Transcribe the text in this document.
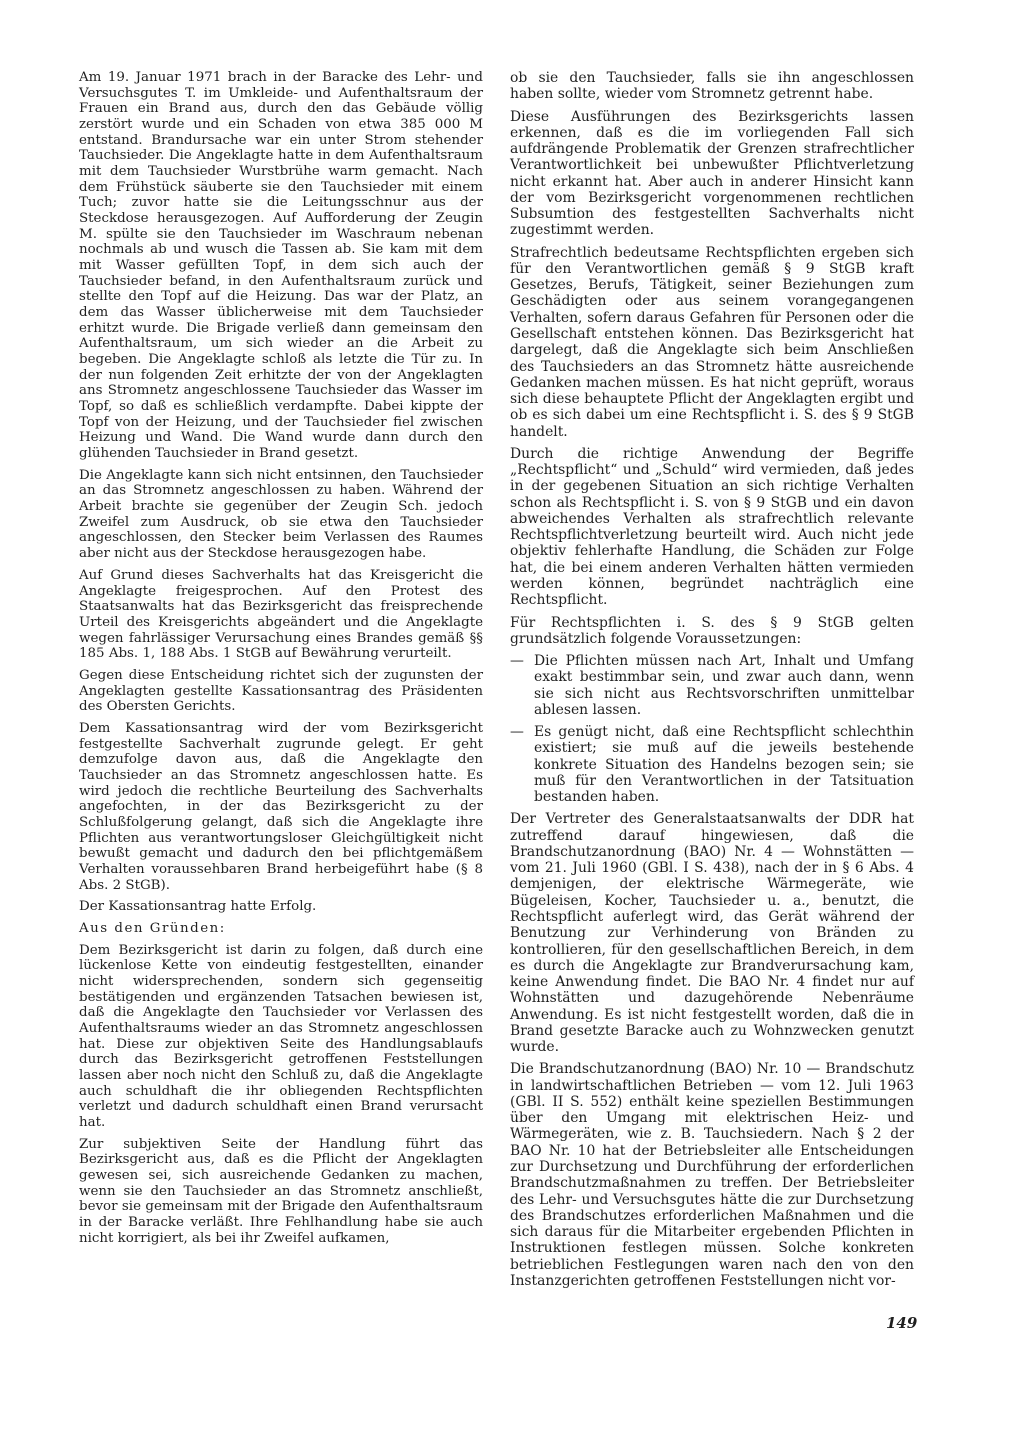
Am 19. Januar 1971 brach in der Baracke des Lehr- und Versuchsgutes T. im Umkleide- und Aufenthaltsraum der Frauen ein Brand aus, durch den das Gebäude völlig zerstört wurde und ein Schaden von etwa 385 000 M entstand. Brandursache war ein unter Strom stehender Tauchsieder. Die Angeklagte hatte in dem Aufenthaltsraum mit dem Tauchsieder Wurstbrühe warm gemacht. Nach dem Frühstück säuberte sie den Tauchsieder mit einem Tuch; zuvor hatte sie die Leitungsschnur aus der Steckdose herausgezogen. Auf Aufforderung der Zeugin M. spülte sie den Tauchsieder im Waschraum nebenan nochmals ab und wusch die Tassen ab. Sie kam mit dem mit Wasser gefüllten Topf, in dem sich auch der Tauchsieder befand, in den Aufenthaltsraum zurück und stellte den Topf auf die Heizung. Das war der Platz, an dem das Wasser üblicherweise mit dem Tauchsieder erhitzt wurde. Die Brigade verließ dann gemeinsam den Aufenthaltsraum, um sich wieder an die Arbeit zu begeben. Die Angeklagte schloß als letzte die Tür zu. In der nun folgenden Zeit erhitzte der von der Angeklagten ans Stromnetz angeschlossene Tauchsieder das Wasser im Topf, so daß es schließlich verdampfte. Dabei kippte der Topf von der Heizung, und der Tauchsieder fiel zwischen Heizung und Wand. Die Wand wurde dann durch den glühenden Tauchsieder in Brand gesetzt.

Die Angeklagte kann sich nicht entsinnen, den Tauchsieder an das Stromnetz angeschlossen zu haben. Während der Arbeit brachte sie gegenüber der Zeugin Sch. jedoch Zweifel zum Ausdruck, ob sie etwa den Tauchsieder angeschlossen, den Stecker beim Verlassen des Raumes aber nicht aus der Steckdose herausgezogen habe.

Auf Grund dieses Sachverhalts hat das Kreisgericht die Angeklagte freigesprochen. Auf den Protest des Staatsanwalts hat das Bezirksgericht das freisprechende Urteil des Kreisgerichts abgeändert und die Angeklagte wegen fahrlässiger Verursachung eines Brandes gemäß §§ 185 Abs. 1, 188 Abs. 1 StGB auf Bewährung verurteilt.

Gegen diese Entscheidung richtet sich der zugunsten der Angeklagten gestellte Kassationsantrag des Präsidenten des Obersten Gerichts.

Dem Kassationsantrag wird der vom Bezirksgericht festgestellte Sachverhalt zugrunde gelegt. Er geht demzufolge davon aus, daß die Angeklagte den Tauchsieder an das Stromnetz angeschlossen hatte. Es wird jedoch die rechtliche Beurteilung des Sachverhalts angefochten, in der das Bezirksgericht zu der Schlußfolgerung gelangt, daß sich die Angeklagte ihre Pflichten aus verantwortungsloser Gleichgültigkeit nicht bewußt gemacht und dadurch den bei pflichtgemäßem Verhalten voraussehbaren Brand herbeigeführt habe (§ 8 Abs. 2 StGB).

Der Kassationsantrag hatte Erfolg.

Aus den Gründen:

Dem Bezirksgericht ist darin zu folgen, daß durch eine lückenlose Kette von eindeutig festgestellten, einander nicht widersprechenden, sondern sich gegenseitig bestätigenden und ergänzenden Tatsachen bewiesen ist, daß die Angeklagte den Tauchsieder vor Verlassen des Aufenthaltsraums wieder an das Stromnetz angeschlossen hat. Diese zur objektiven Seite des Handlungsablaufs durch das Bezirksgericht getroffenen Feststellungen lassen aber noch nicht den Schluß zu, daß die Angeklagte auch schuldhaft die ihr obliegenden Rechtspflichten verletzt und dadurch schuldhaft einen Brand verursacht hat.

Zur subjektiven Seite der Handlung führt das Bezirksgericht aus, daß es die Pflicht der Angeklagten gewesen sei, sich ausreichende Gedanken zu machen, wenn sie den Tauchsieder an das Stromnetz anschließt, bevor sie gemeinsam mit der Brigade den Aufenthaltsraum in der Baracke verläßt. Ihre Fehlhandlung habe sie auch nicht korrigiert, als bei ihr Zweifel aufkamen,

ob sie den Tauchsieder, falls sie ihn angeschlossen haben sollte, wieder vom Stromnetz getrennt habe.

Diese Ausführungen des Bezirksgerichts lassen erkennen, daß es die im vorliegenden Fall sich aufdrängende Problematik der Grenzen strafrechtlicher Verantwortlichkeit bei unbewußter Pflichtverletzung nicht erkannt hat. Aber auch in anderer Hinsicht kann der vom Bezirksgericht vorgenommenen rechtlichen Subsumtion des festgestellten Sachverhalts nicht zugestimmt werden.

Strafrechtlich bedeutsame Rechtspflichten ergeben sich für den Verantwortlichen gemäß § 9 StGB kraft Gesetzes, Berufs, Tätigkeit, seiner Beziehungen zum Geschädigten oder aus seinem vorangegangenen Verhalten, sofern daraus Gefahren für Personen oder die Gesellschaft entstehen können. Das Bezirksgericht hat dargelegt, daß die Angeklagte sich beim Anschließen des Tauchsieders an das Stromnetz hätte ausreichende Gedanken machen müssen. Es hat nicht geprüft, woraus sich diese behauptete Pflicht der Angeklagten ergibt und ob es sich dabei um eine Rechtspflicht i. S. des § 9 StGB handelt.

Durch die richtige Anwendung der Begriffe „Rechtspflicht“ und „Schuld“ wird vermieden, daß jedes in der gegebenen Situation an sich richtige Verhalten schon als Rechtspflicht i. S. von § 9 StGB und ein davon abweichendes Verhalten als strafrechtlich relevante Rechtspflichtverletzung beurteilt wird. Auch nicht jede objektiv fehlerhafte Handlung, die Schäden zur Folge hat, die bei einem anderen Verhalten hätten vermieden werden können, begründet nachträglich eine Rechtspflicht.

Für Rechtspflichten i. S. des § 9 StGB gelten grundsätzlich folgende Voraussetzungen:

— Die Pflichten müssen nach Art, Inhalt und Umfang exakt bestimmbar sein, und zwar auch dann, wenn sie sich nicht aus Rechtsvorschriften unmittelbar ablesen lassen.
— Es genügt nicht, daß eine Rechtspflicht schlechthin existiert; sie muß auf die jeweils bestehende konkrete Situation des Handelns bezogen sein; sie muß für den Verantwortlichen in der Tatsituation bestanden haben.

Der Vertreter des Generalstaatsanwalts der DDR hat zutreffend darauf hingewiesen, daß die Brandschutzanordnung (BAO) Nr. 4 — Wohnstätten — vom 21. Juli 1960 (GBl. I S. 438), nach der in § 6 Abs. 4 demjenigen, der elektrische Wärmegeräte, wie Bügeleisen, Kocher, Tauchsieder u. a., benutzt, die Rechtspflicht auferlegt wird, das Gerät während der Benutzung zur Verhinderung von Bränden zu kontrollieren, für den gesellschaftlichen Bereich, in dem es durch die Angeklagte zur Brandverursachung kam, keine Anwendung findet. Die BAO Nr. 4 findet nur auf Wohnstätten und dazugehörende Nebenräume Anwendung. Es ist nicht festgestellt worden, daß die in Brand gesetzte Baracke auch zu Wohnzwecken genutzt wurde.

Die Brandschutzanordnung (BAO) Nr. 10 — Brandschutz in landwirtschaftlichen Betrieben — vom 12. Juli 1963 (GBl. II S. 552) enthält keine speziellen Bestimmungen über den Umgang mit elektrischen Heiz- und Wärmegeräten, wie z. B. Tauchsiedern. Nach § 2 der BAO Nr. 10 hat der Betriebsleiter alle Entscheidungen zur Durchsetzung und Durchführung der erforderlichen Brandschutzmaßnahmen zu treffen. Der Betriebsleiter des Lehr- und Versuchsgutes hätte die zur Durchsetzung des Brandschutzes erforderlichen Maßnahmen und die sich daraus für die Mitarbeiter ergebenden Pflichten in Instruktionen festlegen müssen. Solche konkreten betrieblichen Festlegungen waren nach den von den Instanzgerichten getroffenen Feststellungen nicht vor-

149
